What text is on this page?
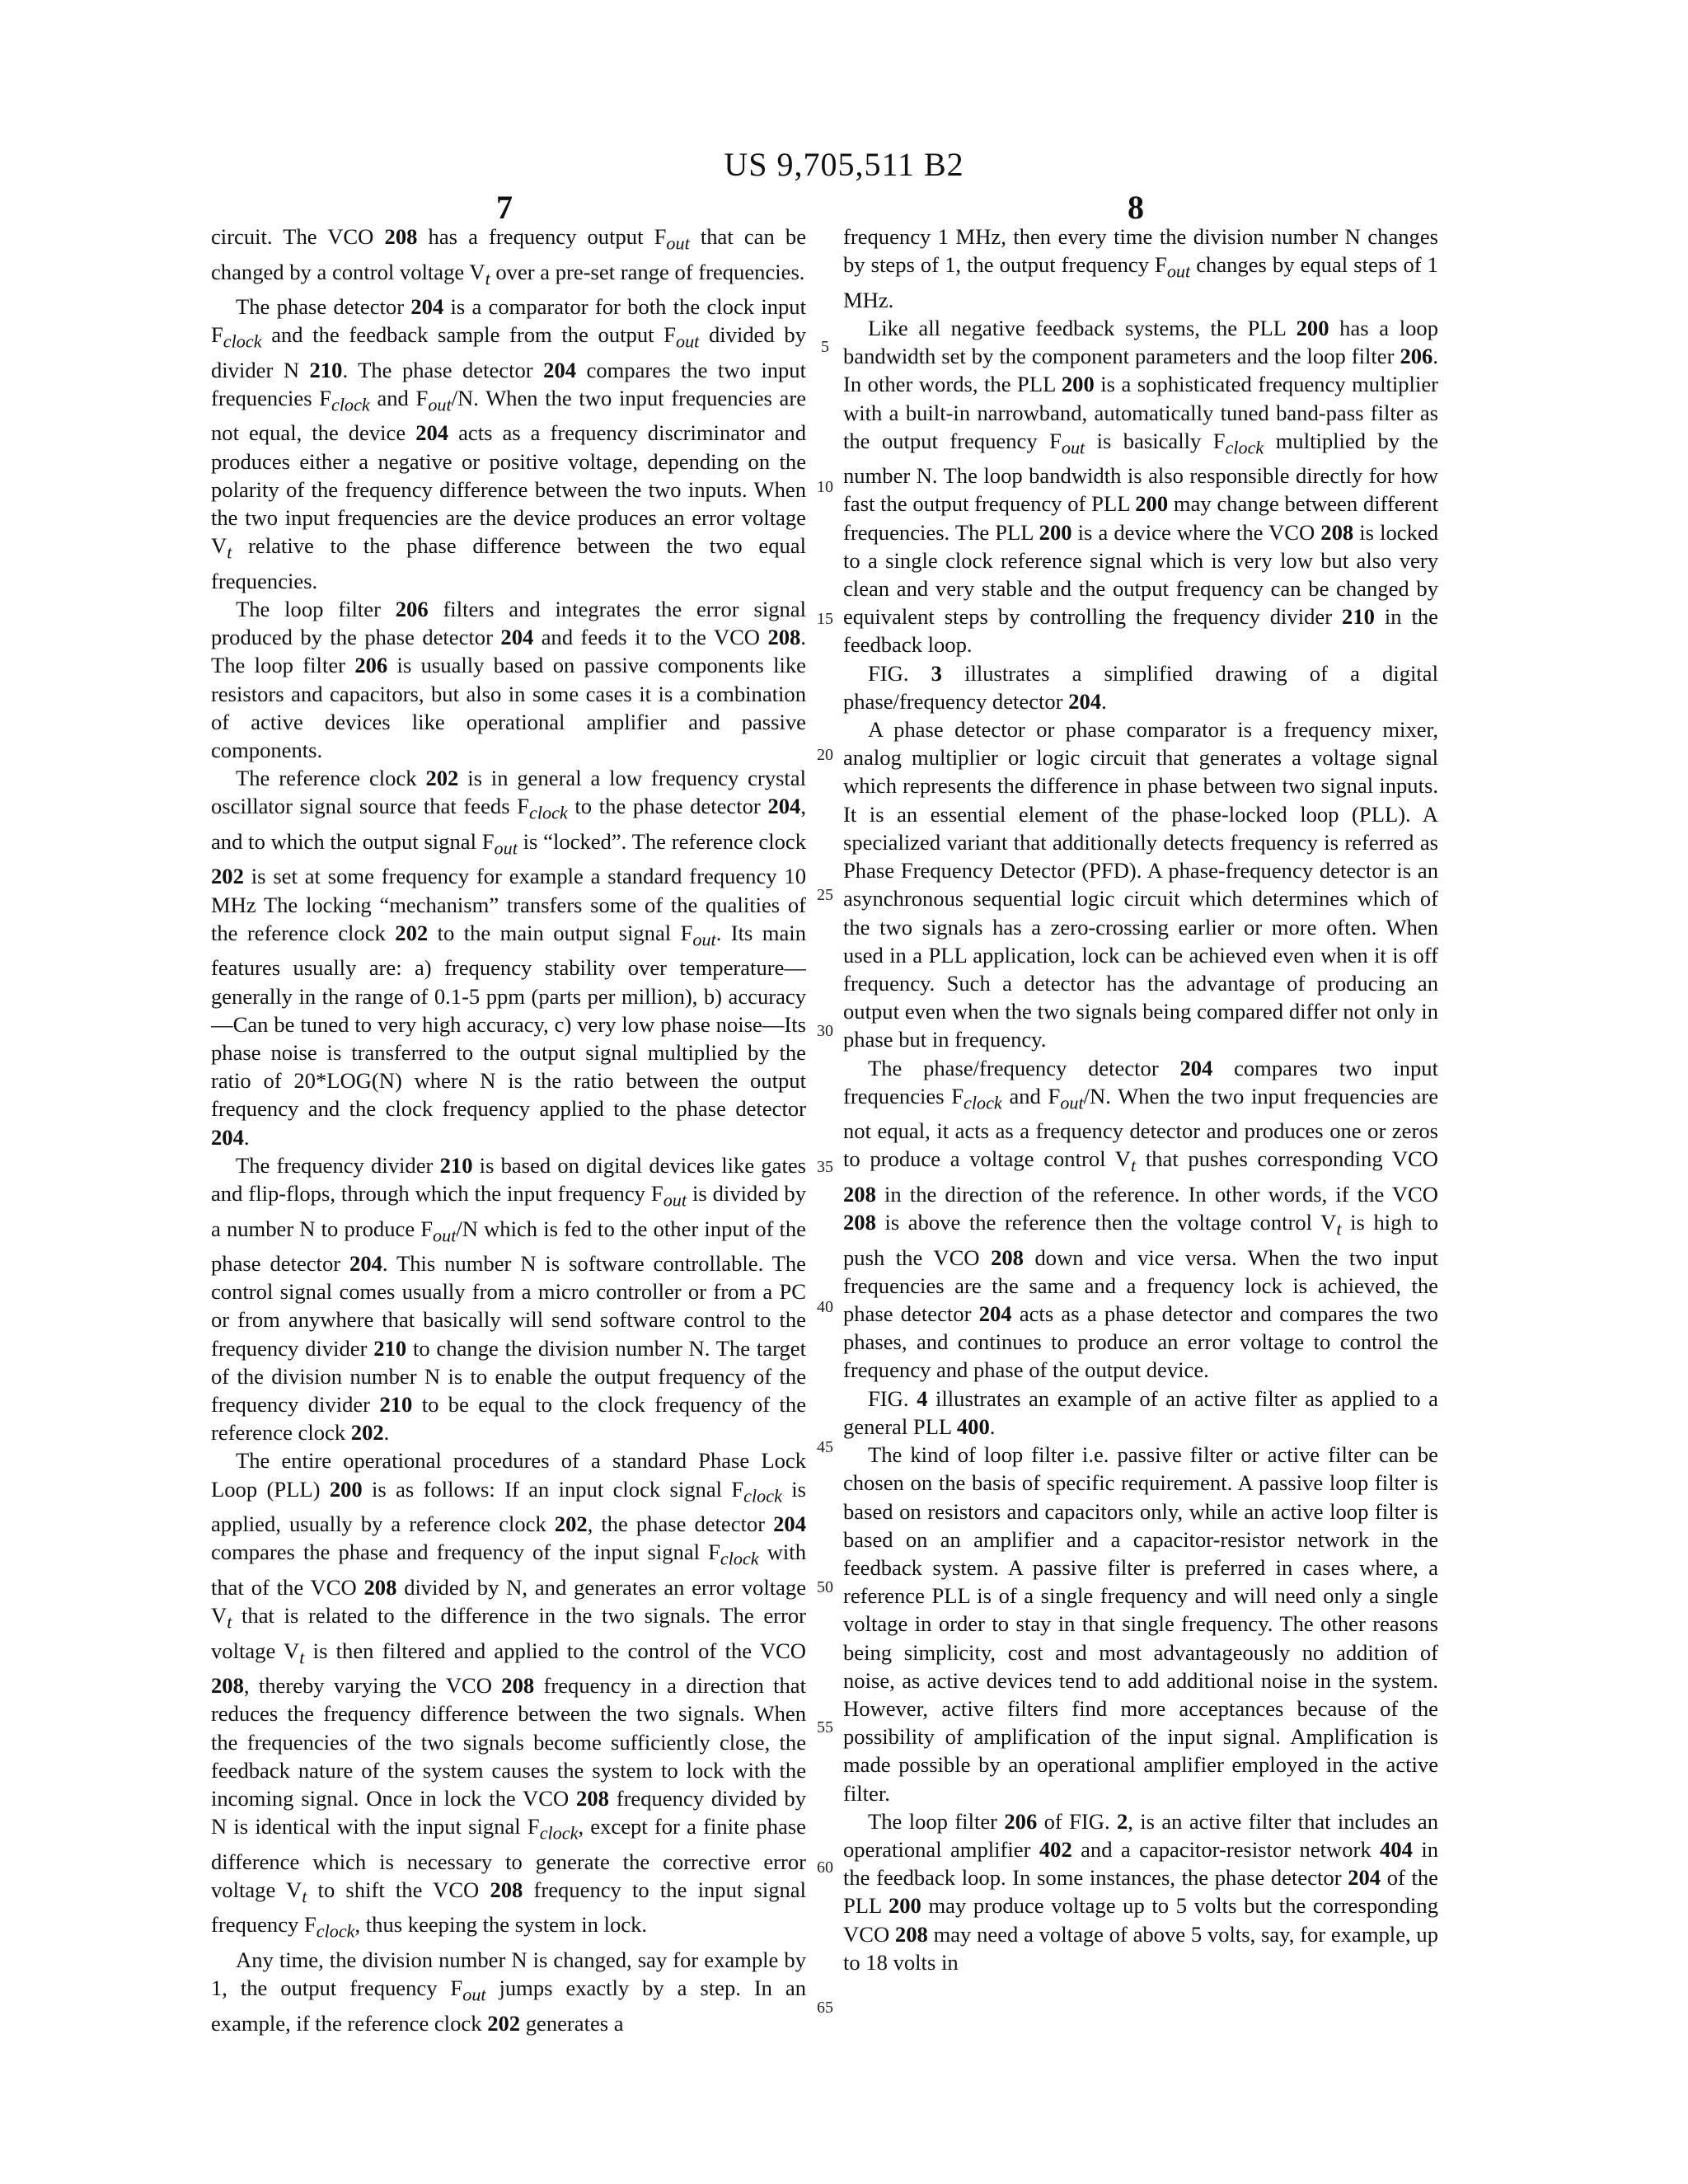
US 9,705,511 B2
7	8

circuit. The VCO 208 has a frequency output $F_{out}$ that can be changed by a control voltage $V_t$ over a pre-set range of frequencies.

The phase detector 204 is a comparator for both the clock input $F_{clock}$ and the feedback sample from the output $F_{out}$ divided by divider N 210. The phase detector 204 compares the two input frequencies $F_{clock}$ and $F_{out}/N$. When the two input frequencies are not equal, the device 204 acts as a frequency discriminator and produces either a negative or positive voltage, depending on the polarity of the frequency difference between the two inputs. When the two input frequencies are the device produces an error voltage $V_t$ relative to the phase difference between the two equal frequencies.

The loop filter 206 filters and integrates the error signal produced by the phase detector 204 and feeds it to the VCO 208. The loop filter 206 is usually based on passive components like resistors and capacitors, but also in some cases it is a combination of active devices like operational amplifier and passive components.

The reference clock 202 is in general a low frequency crystal oscillator signal source that feeds $F_{clock}$ to the phase detector 204, and to which the output signal $F_{out}$ is “locked”. The reference clock 202 is set at some frequency for example a standard frequency 10 MHz The locking “mechanism” transfers some of the qualities of the reference clock 202 to the main output signal $F_{out}$. Its main features usually are: a) frequency stability over temperature—generally in the range of 0.1-5 ppm (parts per million), b) accuracy—Can be tuned to very high accuracy, c) very low phase noise—Its phase noise is transferred to the output signal multiplied by the ratio of 20*LOG(N) where N is the ratio between the output frequency and the clock frequency applied to the phase detector 204.

The frequency divider 210 is based on digital devices like gates and flip-flops, through which the input frequency $F_{out}$ is divided by a number N to produce $F_{out}/N$ which is fed to the other input of the phase detector 204. This number N is software controllable. The control signal comes usually from a micro controller or from a PC or from anywhere that basically will send software control to the frequency divider 210 to change the division number N. The target of the division number N is to enable the output frequency of the frequency divider 210 to be equal to the clock frequency of the reference clock 202.

The entire operational procedures of a standard Phase Lock Loop (PLL) 200 is as follows: If an input clock signal $F_{clock}$ is applied, usually by a reference clock 202, the phase detector 204 compares the phase and frequency of the input signal $F_{clock}$ with that of the VCO 208 divided by N, and generates an error voltage $V_t$ that is related to the difference in the two signals. The error voltage $V_t$ is then filtered and applied to the control of the VCO 208, thereby varying the VCO 208 frequency in a direction that reduces the frequency difference between the two signals. When the frequencies of the two signals become sufficiently close, the feedback nature of the system causes the system to lock with the incoming signal. Once in lock the VCO 208 frequency divided by N is identical with the input signal $F_{clock}$, except for a finite phase difference which is necessary to generate the corrective error voltage $V_t$ to shift the VCO 208 frequency to the input signal frequency $F_{clock}$, thus keeping the system in lock.

Any time, the division number N is changed, say for example by 1, the output frequency $F_{out}$ jumps exactly by a step. In an example, if the reference clock 202 generates a

frequency 1 MHz, then every time the division number N changes by steps of 1, the output frequency $F_{out}$ changes by equal steps of 1 MHz.

Like all negative feedback systems, the PLL 200 has a loop bandwidth set by the component parameters and the loop filter 206. In other words, the PLL 200 is a sophisticated frequency multiplier with a built-in narrowband, automatically tuned band-pass filter as the output frequency $F_{out}$ is basically $F_{clock}$ multiplied by the number N. The loop bandwidth is also responsible directly for how fast the output frequency of PLL 200 may change between different frequencies. The PLL 200 is a device where the VCO 208 is locked to a single clock reference signal which is very low but also very clean and very stable and the output frequency can be changed by equivalent steps by controlling the frequency divider 210 in the feedback loop.

FIG. 3 illustrates a simplified drawing of a digital phase/frequency detector 204.

A phase detector or phase comparator is a frequency mixer, analog multiplier or logic circuit that generates a voltage signal which represents the difference in phase between two signal inputs. It is an essential element of the phase-locked loop (PLL). A specialized variant that additionally detects frequency is referred as Phase Frequency Detector (PFD). A phase-frequency detector is an asynchronous sequential logic circuit which determines which of the two signals has a zero-crossing earlier or more often. When used in a PLL application, lock can be achieved even when it is off frequency. Such a detector has the advantage of producing an output even when the two signals being compared differ not only in phase but in frequency.

The phase/frequency detector 204 compares two input frequencies $F_{clock}$ and $F_{out}/N$. When the two input frequencies are not equal, it acts as a frequency detector and produces one or zeros to produce a voltage control $V_t$ that pushes corresponding VCO 208 in the direction of the reference. In other words, if the VCO 208 is above the reference then the voltage control $V_t$ is high to push the VCO 208 down and vice versa. When the two input frequencies are the same and a frequency lock is achieved, the phase detector 204 acts as a phase detector and compares the two phases, and continues to produce an error voltage to control the frequency and phase of the output device.

FIG. 4 illustrates an example of an active filter as applied to a general PLL 400.

The kind of loop filter i.e. passive filter or active filter can be chosen on the basis of specific requirement. A passive loop filter is based on resistors and capacitors only, while an active loop filter is based on an amplifier and a capacitor-resistor network in the feedback system. A passive filter is preferred in cases where, a reference PLL is of a single frequency and will need only a single voltage in order to stay in that single frequency. The other reasons being simplicity, cost and most advantageously no addition of noise, as active devices tend to add additional noise in the system. However, active filters find more acceptances because of the possibility of amplification of the input signal. Amplification is made possible by an operational amplifier employed in the active filter.

The loop filter 206 of FIG. 2, is an active filter that includes an operational amplifier 402 and a capacitor-resistor network 404 in the feedback loop. In some instances, the phase detector 204 of the PLL 200 may produce voltage up to 5 volts but the corresponding VCO 208 may need a voltage of above 5 volts, say, for example, up to 18 volts in

5
10
15
20
25
30
35
40
45
50
55
60
65
